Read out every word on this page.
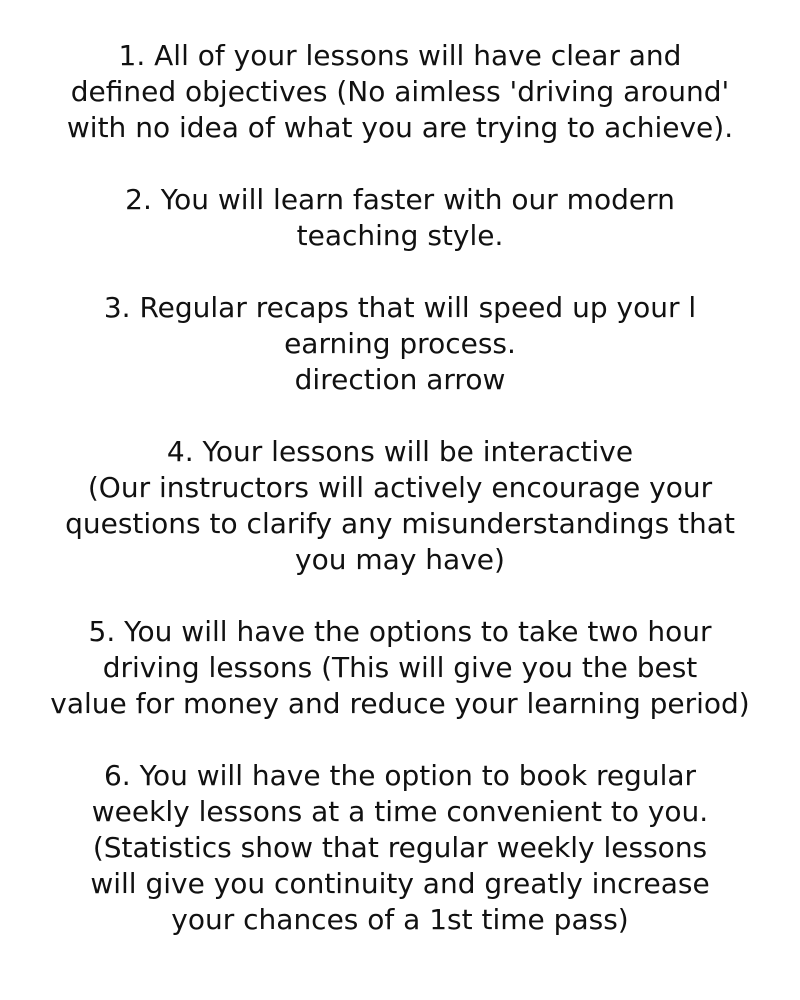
1. All of your lessons will have clear and
defined objectives (No aimless 'driving around'
with no idea of what you are trying to achieve).
2. You will learn faster with our modern
teaching style.
3. Regular recaps that will speed up your l
earning process.
direction arrow
4. Your lessons will be interactive
(Our instructors will actively encourage your
questions to clarify any misunderstandings that
you may have)
5. You will have the options to take two hour
driving lessons (This will give you the best
value for money and reduce your learning period)
6. You will have the option to book regular
weekly lessons at a time convenient to you.
(Statistics show that regular weekly lessons
will give you continuity and greatly increase
your chances of a 1st time pass)
